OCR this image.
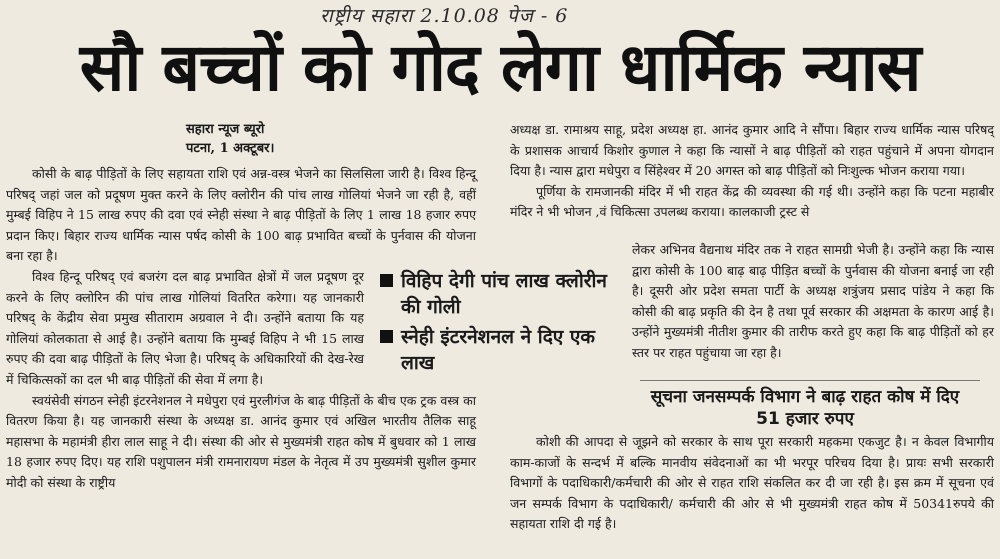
राष्ट्रीय सहारा 2.10.08 पेज - 6
सौ बच्चों को गोद लेगा धार्मिक न्यास
सहारा न्यूज ब्यूरो
पटना, 1 अक्टूबर।

कोसी के बाढ़ पीड़ितों के लिए सहायता राशि एवं अन्न-वस्त्र भेजने का सिलसिला जारी है। विश्व हिन्दू परिषद् जहां जल को प्रदूषण मुक्त करने के लिए क्लोरीन की पांच लाख गोलियां भेजने जा रही है, वहीं मुम्बई विहिप ने 15 लाख रुपए की दवा एवं स्नेही संस्था ने बाढ़ पीड़ितों के लिए 1 लाख 18 हजार रुपए प्रदान किए। बिहार राज्य धार्मिक न्यास पर्षद कोसी के 100 बाढ़ प्रभावित बच्चों के पुर्नवास की योजना बना रहा है।

विश्व हिन्दू परिषद् एवं बजरंग दल बाढ़ प्रभावित क्षेत्रों में जल प्रदूषण दूर करने के लिए क्लोरिन की पांच लाख गोलियां वितरित करेगा। यह जानकारी परिषद् के केंद्रीय सेवा प्रमुख सीताराम अग्रवाल ने दी। उन्होंने बताया कि यह गोलियां कोलकाता से आई है। उन्होंने बताया कि मुम्बई विहिप ने भी 15 लाख रुपए की दवा बाढ़ पीड़ितों के लिए भेजा है। परिषद् के अधिकारियों की देख-रेख में चिकित्सकों का दल भी बाढ़ पीड़ितों की सेवा में लगा है।

स्वयंसेवी संगठन स्नेही इंटरनेशनल ने मधेपुरा एवं मुरलीगंज के बाढ़ पीड़ितों के बीच एक ट्रक वस्त्र का वितरण किया है। यह जानकारी संस्था के अध्यक्ष डा. आनंद कुमार एवं अखिल भारतीय तैलिक साहू महासभा के महामंत्री हीरा लाल साहू ने दी। संस्था की ओर से मुख्यमंत्री राहत कोष में बुधवार को 1 लाख 18 हजार रुपए दिए। यह राशि पशुपालन मंत्री रामनारायण मंडल के नेतृत्व में उप मुख्यमंत्री सुशील कुमार मोदी को संस्था के राष्ट्रीय

विहिप देगी पांच लाख क्लोरीन की गोली
स्नेही इंटरनेशनल ने दिए एक लाख

अध्यक्ष डा. रामाश्रय साहू, प्रदेश अध्यक्ष हा. आनंद कुमार आदि ने सौंपा। बिहार राज्य धार्मिक न्यास परिषद् के प्रशासक आचार्य किशोर कुणाल ने कहा कि न्यासों ने बाढ़ पीड़ितों को राहत पहुंचाने में अपना योगदान दिया है। न्यास द्वारा मधेपुरा व सिंहेश्वर में 20 अगस्त को बाढ़ पीड़ितों को निःशुल्क भोजन कराया गया।

पूर्णिया के रामजानकी मंदिर में भी राहत केंद्र की व्यवस्था की गई थी। उन्होंने कहा कि पटना महाबीर मंदिर ने भी भोजन ,वं चिकित्सा उपलब्ध कराया। कालकाजी ट्रस्ट से

लेकर अभिनव वैद्यनाथ मंदिर तक ने राहत सामग्री भेजी है। उन्होंने कहा कि न्यास द्वारा कोसी के 100 बाढ़ बाढ़ पीड़ित बच्चों के पुर्नवास की योजना बनाई जा रही है। दूसरी ओर प्रदेश समता पार्टी के अध्यक्ष शत्रुंजय प्रसाद पांडेय ने कहा कि कोसी की बाढ़ प्रकृति की देन है तथा पूर्व सरकार की अक्षमता के कारण आई है। उन्होंने मुख्यमंत्री नीतीश कुमार की तारीफ करते हुए कहा कि बाढ़ पीड़ितों को हर स्तर पर राहत पहुंचाया जा रहा है।

सूचना जनसम्पर्क विभाग ने बाढ़ राहत कोष में दिए 51 हजार रुपए

कोशी की आपदा से जूझने को सरकार के साथ पूरा सरकारी महकमा एकजुट है। न केवल विभागीय काम-काजों के सन्दर्भ में बल्कि मानवीय संवेदनाओं का भी भरपूर परिचय दिया है। प्रायः सभी सरकारी विभागों के पदाधिकारी/कर्मचारी की ओर से राहत राशि संकलित कर दी जा रही है। इस क्रम में सूचना एवं जन सम्पर्क विभाग के पदाधिकारी/ कर्मचारी की ओर से भी मुख्यमंत्री राहत कोष में 50341रुपये की सहायता राशि दी गई है।
